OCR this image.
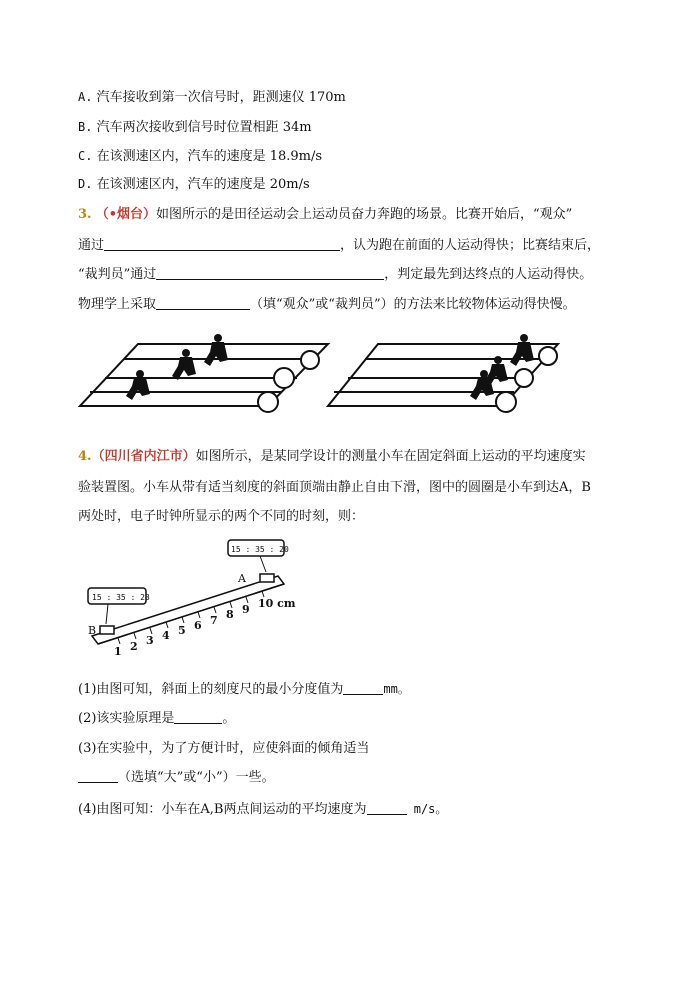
A. 汽车接收到第一次信号时，距测速仪 170m
B. 汽车两次接收到信号时位置相距 34m
C. 在该测速区内，汽车的速度是 18.9m/s
D. 在该测速区内，汽车的速度是 20m/s
3. （•烟台）如图所示的是田径运动会上运动员奋力奔跑的场景。比赛开始后，“观众”
通过	，认为跑在前面的人运动得快；比赛结束后，
“裁判员”通过	，判定最先到达终点的人运动得快。
物理学上采取	（填“观众”或“裁判员”）的方法来比较物体运动得快慢。
4.（四川省内江市）如图所示，是某同学设计的测量小车在固定斜面上运动的平均速度实
验装置图。小车从带有适当刻度的斜面顶端由静止自由下滑，图中的圆圈是小车到达A，B
两处时，电子时钟所显示的两个不同的时刻，则：
1 2 3 4 5 6 7 8 9 10 cm
A
B
15 : 35 : 20
15 : 35 : 23
(1)由图可知，斜面上的刻度尺的最小分度值为	mm。
(2)该实验原理是	。
(3)在实验中，为了方便计时，应使斜面的倾角适当
（选填“大”或“小”）一些。
(4)由图可知：小车在A,B两点间运动的平均速度为	m/s。
